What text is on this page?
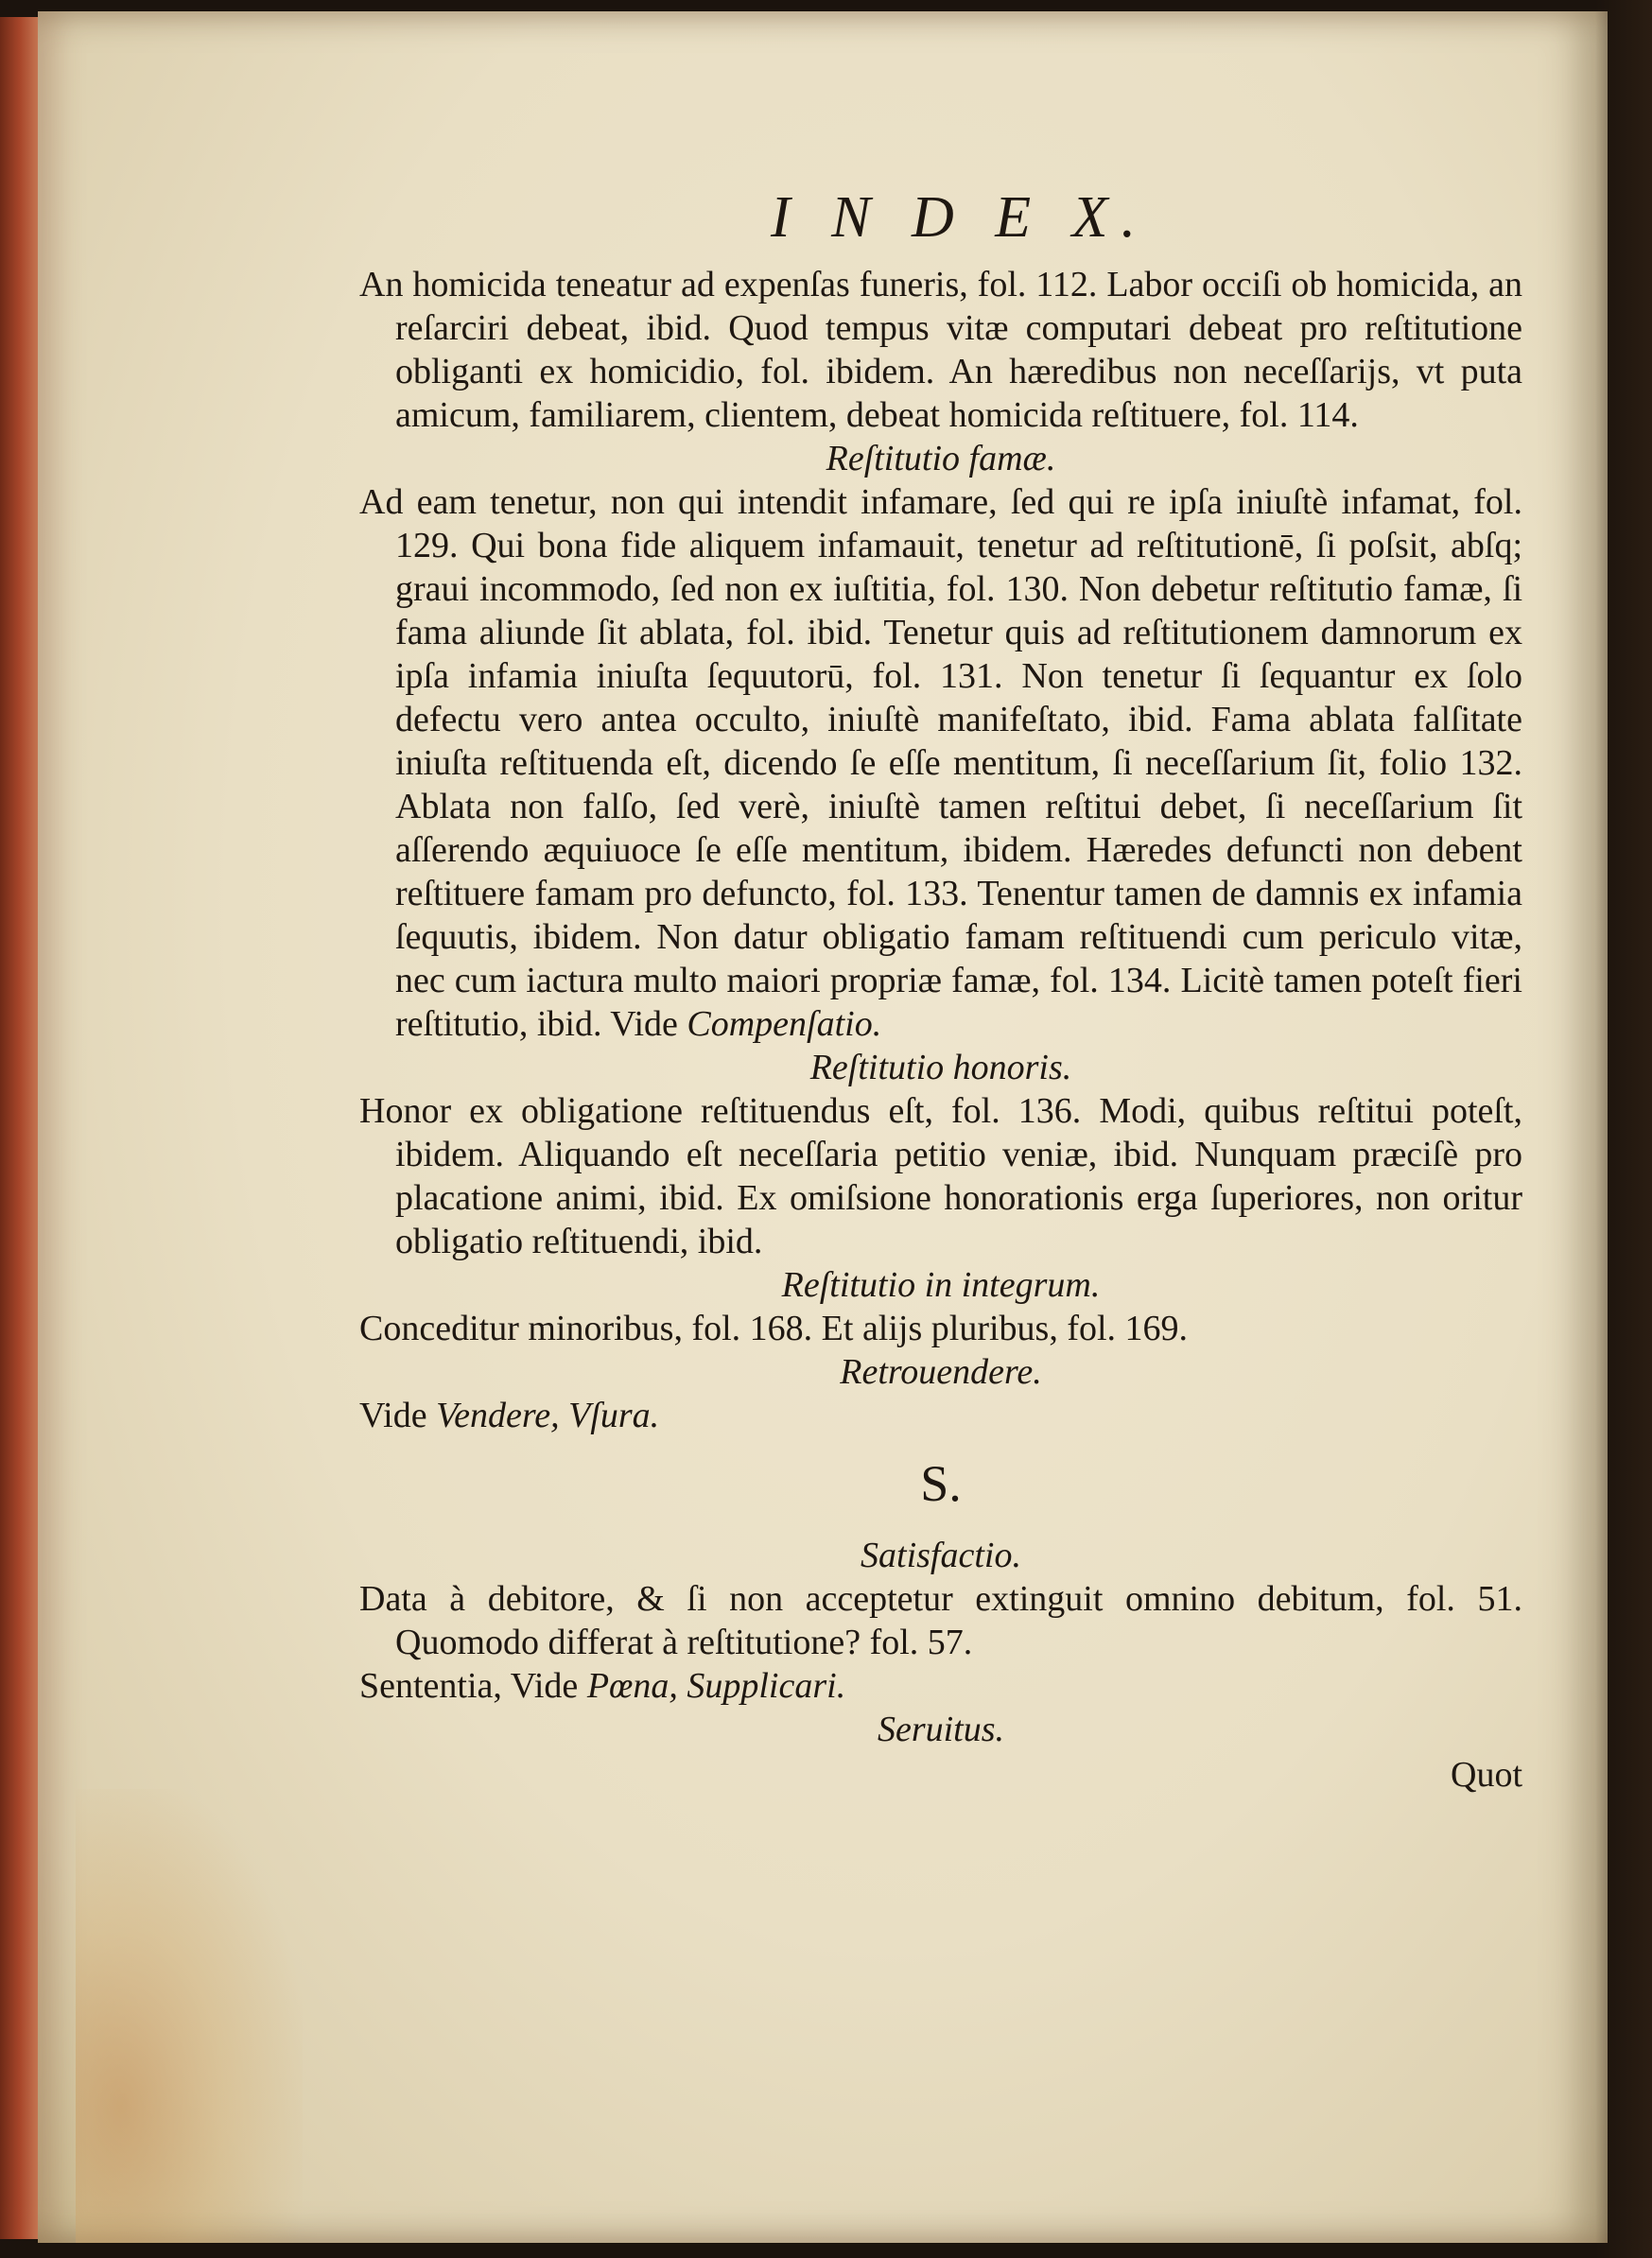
I N D E X.

An homicida teneatur ad expenſas funeris, fol. 112. Labor occiſi ob homicida, an reſarciri debeat, ibid. Quod tempus vitæ computari debeat pro reſtitutione obliganti ex homicidio, fol. ibidem. An hæredibus non neceſſarijs, vt puta amicum, familiarem, clientem, debeat homicida reſtituere, fol. 114.

Reſtitutio famæ.

Ad eam tenetur, non qui intendit infamare, ſed qui re ipſa iniuſtè infamat, fol. 129. Qui bona fide aliquem infamauit, tenetur ad reſtitutionē, ſi poſsit, abſq; graui incommodo, ſed non ex iuſtitia, fol. 130. Non debetur reſtitutio famæ, ſi fama aliunde ſit ablata, fol. ibid. Tenetur quis ad reſtitutionem damnorum ex ipſa infamia iniuſta ſequutorū, fol. 131. Non tenetur ſi ſequantur ex ſolo defectu vero antea occulto, iniuſtè manifeſtato, ibid. Fama ablata falſitate iniuſta reſtituenda eſt, dicendo ſe eſſe mentitum, ſi neceſſarium ſit, folio 132. Ablata non falſo, ſed verè, iniuſtè tamen reſtitui debet, ſi neceſſarium ſit aſſerendo æquiuoce ſe eſſe mentitum, ibidem. Hæredes defuncti non debent reſtituere famam pro defuncto, fol. 133. Tenentur tamen de damnis ex infamia ſequutis, ibidem. Non datur obligatio famam reſtituendi cum periculo vitæ, nec cum iactura multo maiori propriæ famæ, fol. 134. Licitè tamen poteſt fieri reſtitutio, ibid. Vide Compenſatio.

Reſtitutio honoris.

Honor ex obligatione reſtituendus eſt, fol. 136. Modi, quibus reſtitui poteſt, ibidem. Aliquando eſt neceſſaria petitio veniæ, ibid. Nunquam præciſè pro placatione animi, ibid. Ex omiſsione honorationis erga ſuperiores, non oritur obligatio reſtituendi, ibid.

Reſtitutio in integrum.

Conceditur minoribus, fol. 168. Et alijs pluribus, fol. 169.

Retrouendere.

Vide Vendere, Vſura.

S.

Satisfactio.

Data à debitore, & ſi non acceptetur extinguit omnino debitum, fol. 51. Quomodo differat à reſtitutione? fol. 57.

Sententia, Vide Pœna, Supplicari.

Seruitus.

Quot
